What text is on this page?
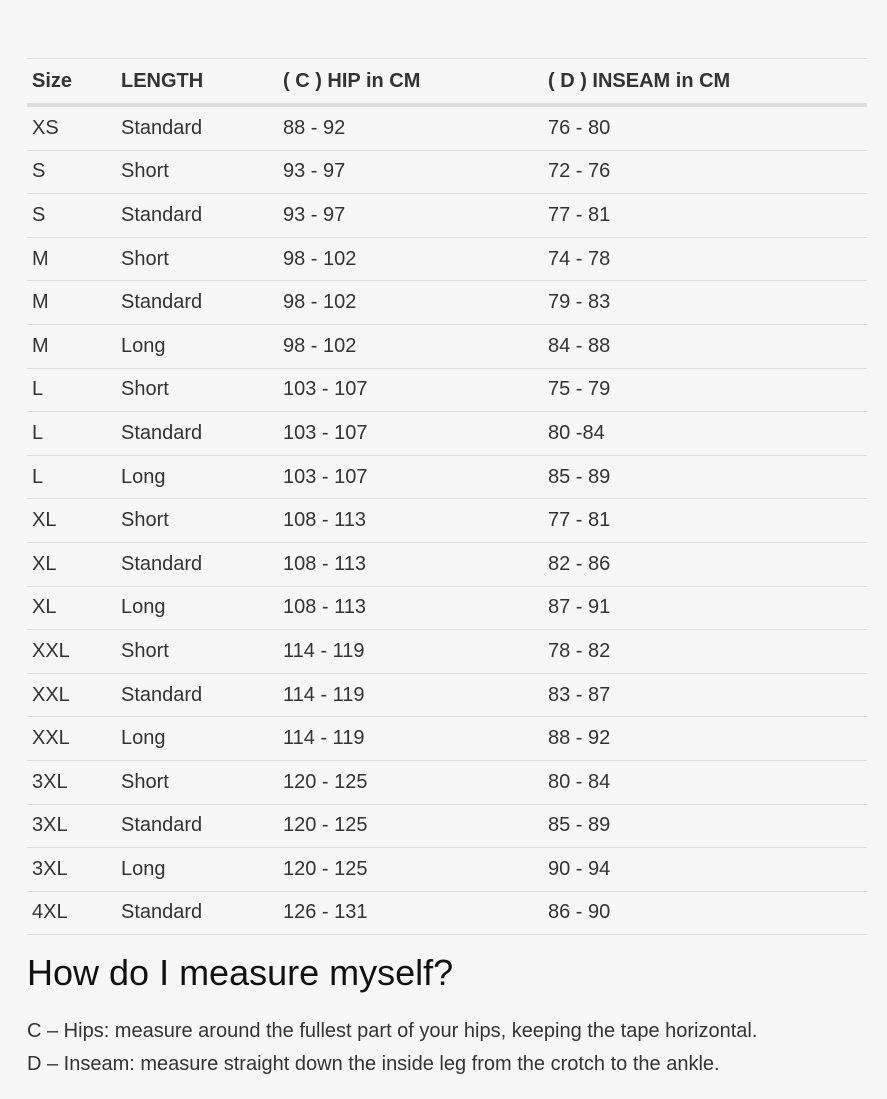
Size	LENGTH	( C ) HIP in CM	( D ) INSEAM in CM
XS	Standard	88 - 92	76 - 80
S	Short	93 - 97	72 - 76
S	Standard	93 - 97	77 - 81
M	Short	98 - 102	74 - 78
M	Standard	98 - 102	79 - 83
M	Long	98 - 102	84 - 88
L	Short	103 - 107	75 - 79
L	Standard	103 - 107	80 -84
L	Long	103 - 107	85 - 89
XL	Short	108 - 113	77 - 81
XL	Standard	108 - 113	82 - 86
XL	Long	108 - 113	87 - 91
XXL	Short	114 - 119	78 - 82
XXL	Standard	114 - 119	83 - 87
XXL	Long	114 - 119	88 - 92
3XL	Short	120 - 125	80 - 84
3XL	Standard	120 - 125	85 - 89
3XL	Long	120 - 125	90 - 94
4XL	Standard	126 - 131	86 - 90
How do I measure myself?

C – Hips: measure around the fullest part of your hips, keeping the tape horizontal.

D – Inseam: measure straight down the inside leg from the crotch to the ankle.
